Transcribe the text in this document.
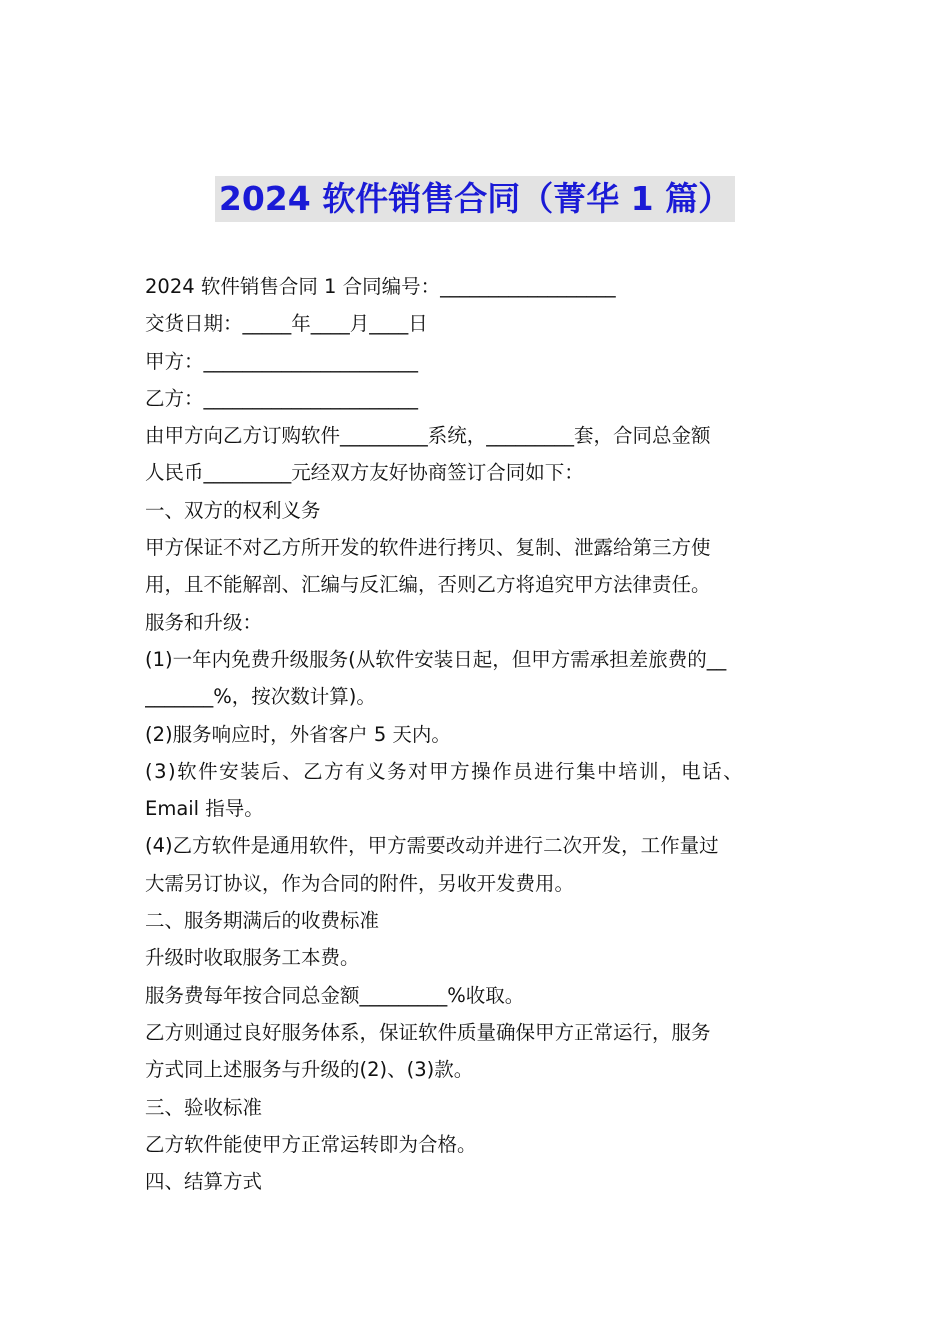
2024 软件销售合同（菁华 1 篇）
2024 软件销售合同 1 合同编号：__________________
交货日期：_____年____月____日
甲方：______________________
乙方：______________________
由甲方向乙方订购软件_________系统，_________套，合同总金额
人民币_________元经双方友好协商签订合同如下：
一、双方的权利义务
甲方保证不对乙方所开发的软件进行拷贝、复制、泄露给第三方使
用，且不能解剖、汇编与反汇编，否则乙方将追究甲方法律责任。
服务和升级：
(1)一年内免费升级服务(从软件安装日起，但甲方需承担差旅费的__
_______%，按次数计算)。
(2)服务响应时，外省客户 5 天内。
(3)软件安装后、乙方有义务对甲方操作员进行集中培训，电话、
Email 指导。
(4)乙方软件是通用软件，甲方需要改动并进行二次开发，工作量过
大需另订协议，作为合同的附件，另收开发费用。
二、服务期满后的收费标准
升级时收取服务工本费。
服务费每年按合同总金额_________%收取。
乙方则通过良好服务体系，保证软件质量确保甲方正常运行，服务
方式同上述服务与升级的(2)、(3)款。
三、验收标准
乙方软件能使甲方正常运转即为合格。
四、结算方式
